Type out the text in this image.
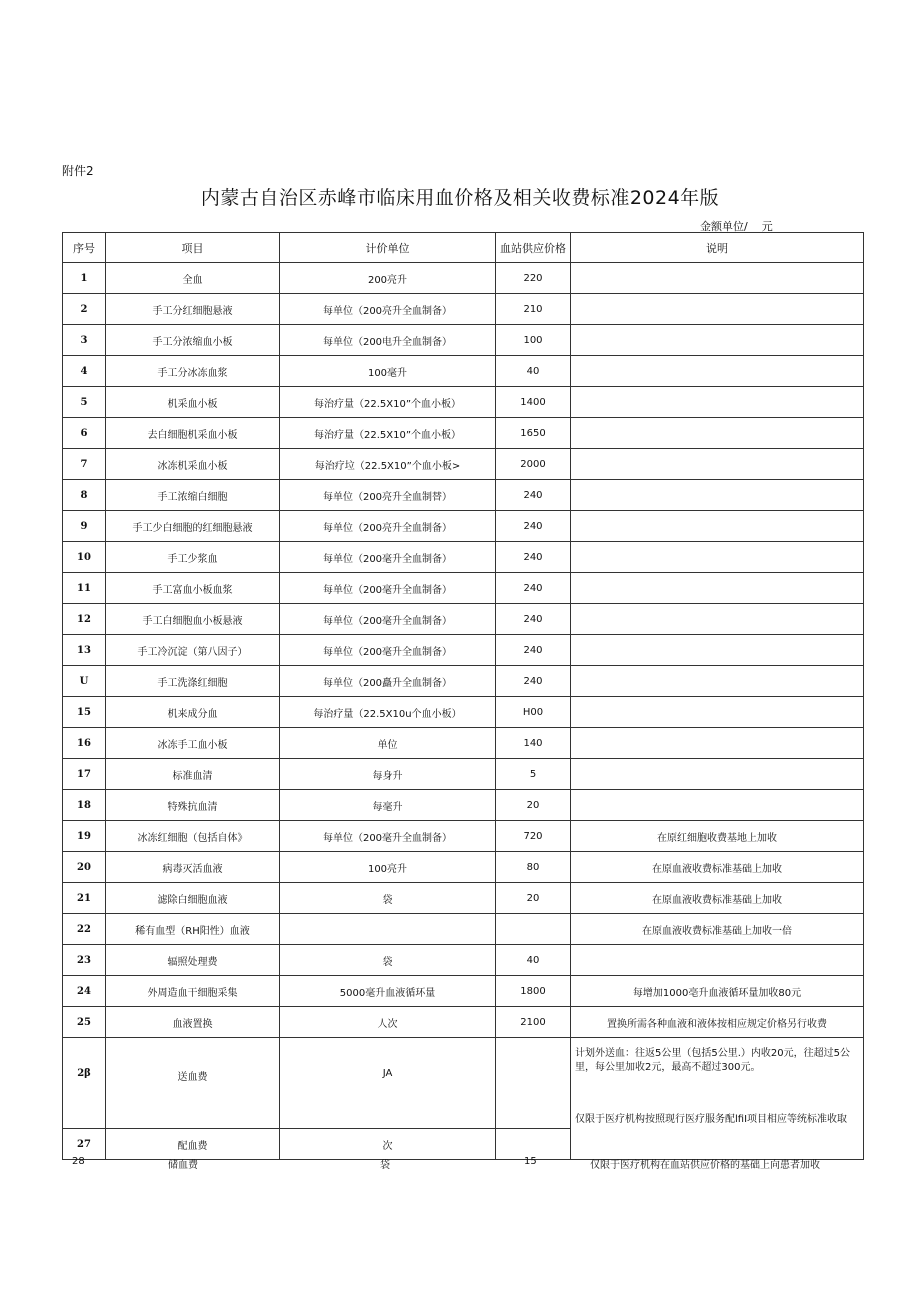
附件2
内蒙古自治区赤峰市临床用血价格及相关收费标准2024年版
金额单位/ 元
序号	项目	计价单位	血站供应价格	说明
1	全血	200亮升	220	
2	手工分红细胞悬液	每单位（200亮升全血制备）	210	
3	手工分浓缩血小板	每单位（200电升全血制备）	100	
4	手工分冰冻血浆	100毫升	40	
5	机采血小板	每治疗量（22.5X10”个血小板）	1400	
6	去白细胞机采血小板	每治疗量（22.5X10”个血小板）	1650	
7	冰冻机采血小板	每治疗垃（22.5X10”个血小板>	2000	
8	手工浓缩白细胞	每单位（200亮升全血制替）	240	
9	手工少白细胞的红细胞悬液	每单位（200亮升全血制备）	240	
10	手工少浆血	每单位（200毫升全血制备）	240	
11	手工富血小板血浆	每单位（200毫升全血制备）	240	
12	手工白细胞血小板悬液	每单位（200毫升全血制备）	240	
13	手工冷沉淀（第八因子）	每单位（200毫升全血制备）	240	
U	手工洗涤红细胞	每单位（200矗升全血制备）	240	
15	机来成分血	每治疗量（22.5X10u个血小板）	H00	
16	冰冻手工血小板	单位	140	
17	标准血清	每身升	5	
18	特殊抗血清	每毫升	20	
19	冰冻红细胞（包括自体》	每单位（200毫升全血制备）	720	在原红细胞收费基地上加收
20	病毒灭活血液	100亮升	80	在原血液收费标准基础上加收
21	滤除白细胞血液	袋	20	在原血液收费标准基础上加收
22	稀有血型（RH阳性）血液			在原血液收费标准基础上加收一倍
23	辐照处理费	袋	40	
24	外周造血干细胞采集	5000毫升血液循环量	1800	每增加1000亳升血液循环量加收80元
25	血液置换	人次	2100	置换所需各种血液和液体按相应规定价格另行收费
2β	送血费	JA		计划外送血：往返5公里（包括5公里.）内收20元，往超过5公里，每公里加收2元，最高不超过300元。
				仅限于医疗机构按照现行医疗服务配lfiI项目相应等统标准收取
27	配血费	次		
28	储血费	袋	15	仅限于医疗机构在血站供应价格的基础上向患者加收
